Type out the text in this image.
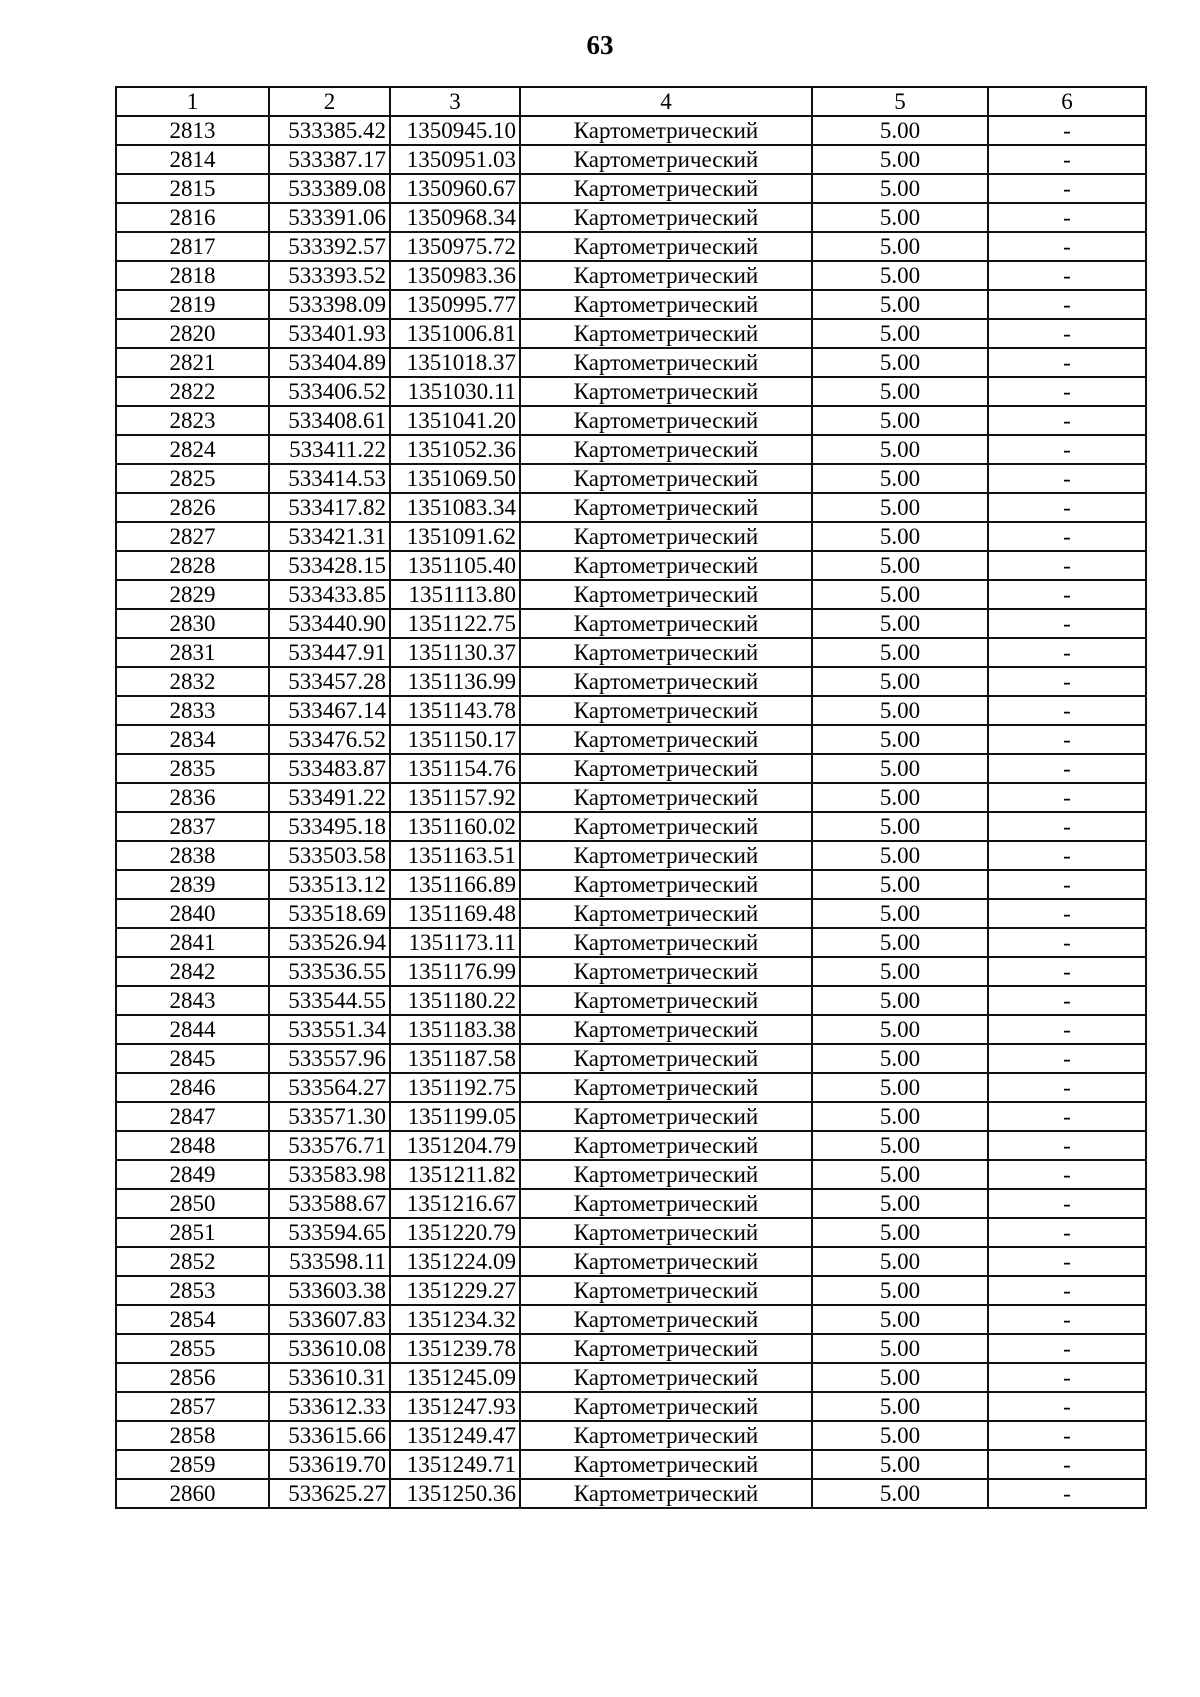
63
1	2	3	4	5	6
2813	533385.42	1350945.10	Картометрический	5.00	-
2814	533387.17	1350951.03	Картометрический	5.00	-
2815	533389.08	1350960.67	Картометрический	5.00	-
2816	533391.06	1350968.34	Картометрический	5.00	-
2817	533392.57	1350975.72	Картометрический	5.00	-
2818	533393.52	1350983.36	Картометрический	5.00	-
2819	533398.09	1350995.77	Картометрический	5.00	-
2820	533401.93	1351006.81	Картометрический	5.00	-
2821	533404.89	1351018.37	Картометрический	5.00	-
2822	533406.52	1351030.11	Картометрический	5.00	-
2823	533408.61	1351041.20	Картометрический	5.00	-
2824	533411.22	1351052.36	Картометрический	5.00	-
2825	533414.53	1351069.50	Картометрический	5.00	-
2826	533417.82	1351083.34	Картометрический	5.00	-
2827	533421.31	1351091.62	Картометрический	5.00	-
2828	533428.15	1351105.40	Картометрический	5.00	-
2829	533433.85	1351113.80	Картометрический	5.00	-
2830	533440.90	1351122.75	Картометрический	5.00	-
2831	533447.91	1351130.37	Картометрический	5.00	-
2832	533457.28	1351136.99	Картометрический	5.00	-
2833	533467.14	1351143.78	Картометрический	5.00	-
2834	533476.52	1351150.17	Картометрический	5.00	-
2835	533483.87	1351154.76	Картометрический	5.00	-
2836	533491.22	1351157.92	Картометрический	5.00	-
2837	533495.18	1351160.02	Картометрический	5.00	-
2838	533503.58	1351163.51	Картометрический	5.00	-
2839	533513.12	1351166.89	Картометрический	5.00	-
2840	533518.69	1351169.48	Картометрический	5.00	-
2841	533526.94	1351173.11	Картометрический	5.00	-
2842	533536.55	1351176.99	Картометрический	5.00	-
2843	533544.55	1351180.22	Картометрический	5.00	-
2844	533551.34	1351183.38	Картометрический	5.00	-
2845	533557.96	1351187.58	Картометрический	5.00	-
2846	533564.27	1351192.75	Картометрический	5.00	-
2847	533571.30	1351199.05	Картометрический	5.00	-
2848	533576.71	1351204.79	Картометрический	5.00	-
2849	533583.98	1351211.82	Картометрический	5.00	-
2850	533588.67	1351216.67	Картометрический	5.00	-
2851	533594.65	1351220.79	Картометрический	5.00	-
2852	533598.11	1351224.09	Картометрический	5.00	-
2853	533603.38	1351229.27	Картометрический	5.00	-
2854	533607.83	1351234.32	Картометрический	5.00	-
2855	533610.08	1351239.78	Картометрический	5.00	-
2856	533610.31	1351245.09	Картометрический	5.00	-
2857	533612.33	1351247.93	Картометрический	5.00	-
2858	533615.66	1351249.47	Картометрический	5.00	-
2859	533619.70	1351249.71	Картометрический	5.00	-
2860	533625.27	1351250.36	Картометрический	5.00	-
